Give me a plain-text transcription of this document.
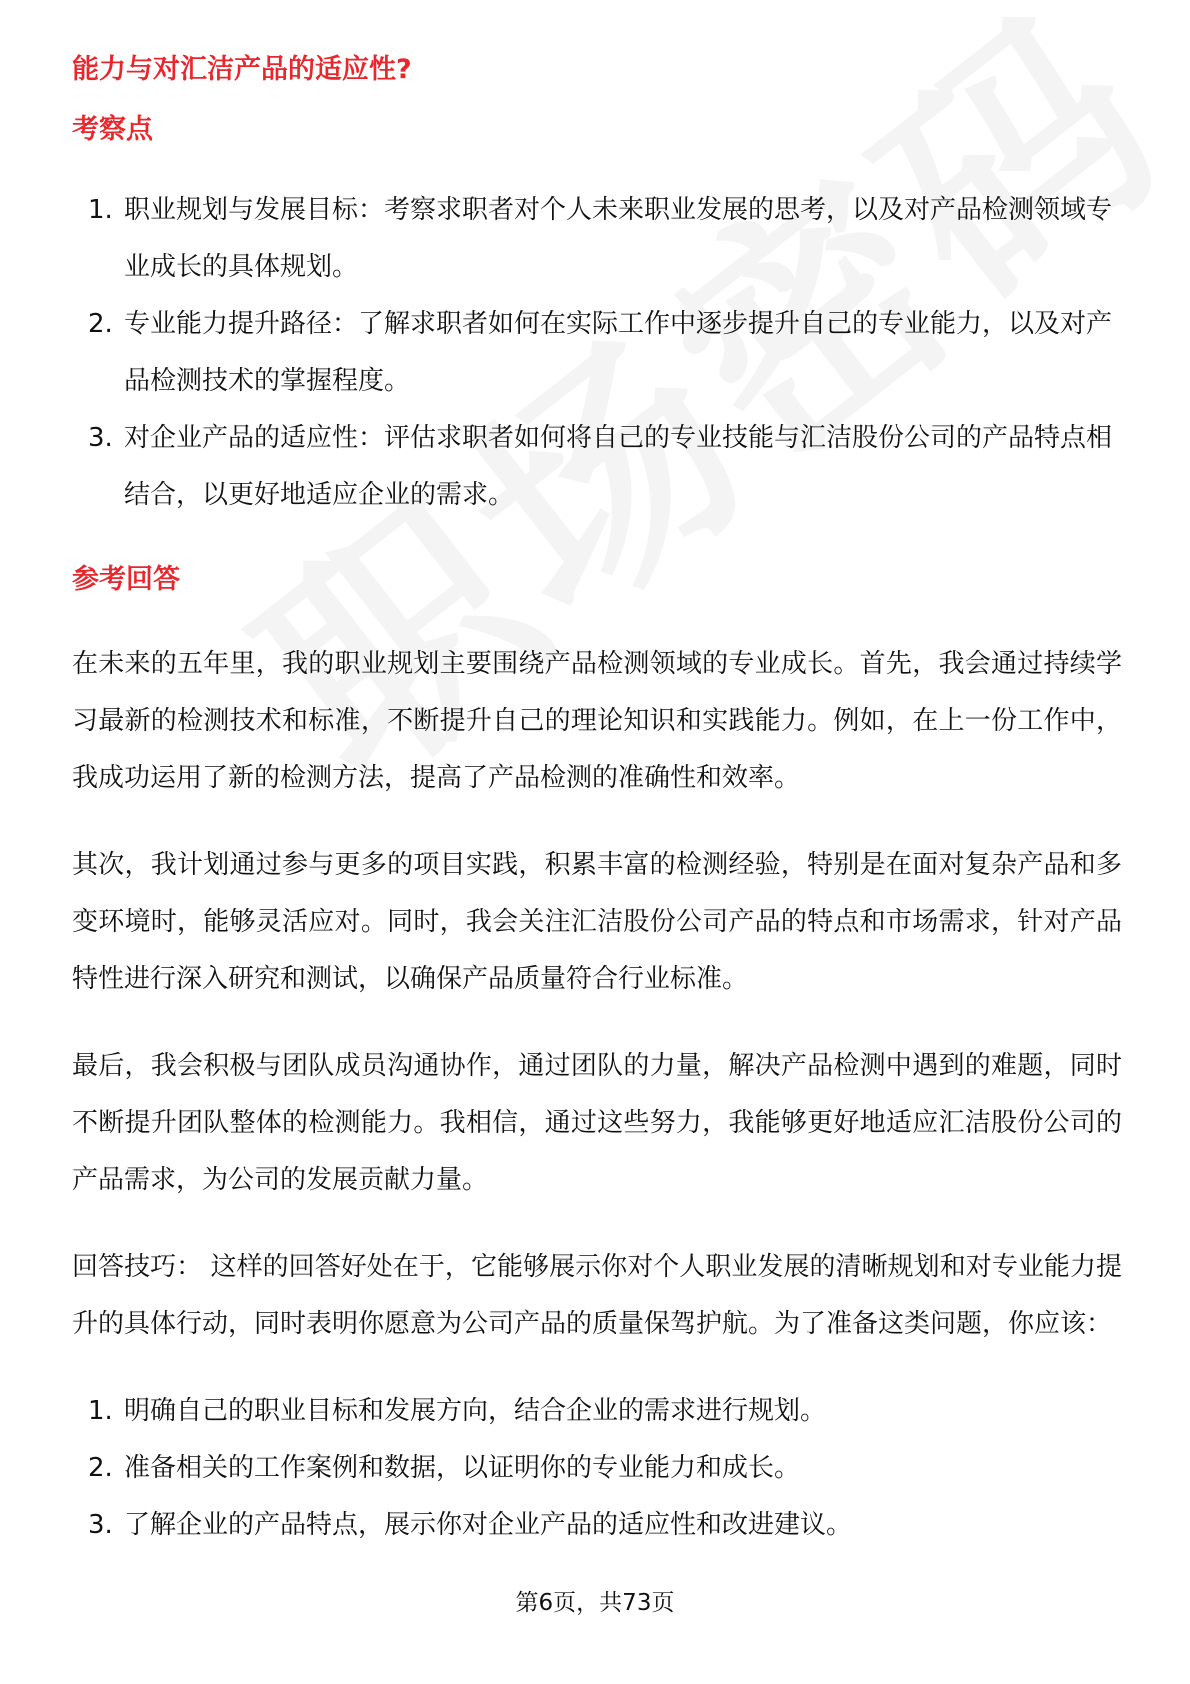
能力与对汇洁产品的适应性?
考察点
1. 职业规划与发展目标：考察求职者对个人未来职业发展的思考，以及对产品检测领域专业成长的具体规划。
2. 专业能力提升路径：了解求职者如何在实际工作中逐步提升自己的专业能力，以及对产品检测技术的掌握程度。
3. 对企业产品的适应性：评估求职者如何将自己的专业技能与汇洁股份公司的产品特点相结合，以更好地适应企业的需求。
参考回答

在未来的五年里，我的职业规划主要围绕产品检测领域的专业成长。首先，我会通过持续学习最新的检测技术和标准，不断提升自己的理论知识和实践能力。例如，在上一份工作中，我成功运用了新的检测方法，提高了产品检测的准确性和效率。

其次，我计划通过参与更多的项目实践，积累丰富的检测经验，特别是在面对复杂产品和多变环境时，能够灵活应对。同时，我会关注汇洁股份公司产品的特点和市场需求，针对产品特性进行深入研究和测试，以确保产品质量符合行业标准。

最后，我会积极与团队成员沟通协作，通过团队的力量，解决产品检测中遇到的难题，同时不断提升团队整体的检测能力。我相信，通过这些努力，我能够更好地适应汇洁股份公司的产品需求，为公司的发展贡献力量。

回答技巧： 这样的回答好处在于，它能够展示你对个人职业发展的清晰规划和对专业能力提升的具体行动，同时表明你愿意为公司产品的质量保驾护航。为了准备这类问题，你应该：

1. 明确自己的职业目标和发展方向，结合企业的需求进行规划。
2. 准备相关的工作案例和数据，以证明你的专业能力和成长。
3. 了解企业的产品特点，展示你对企业产品的适应性和改进建议。
第6页，共73页
